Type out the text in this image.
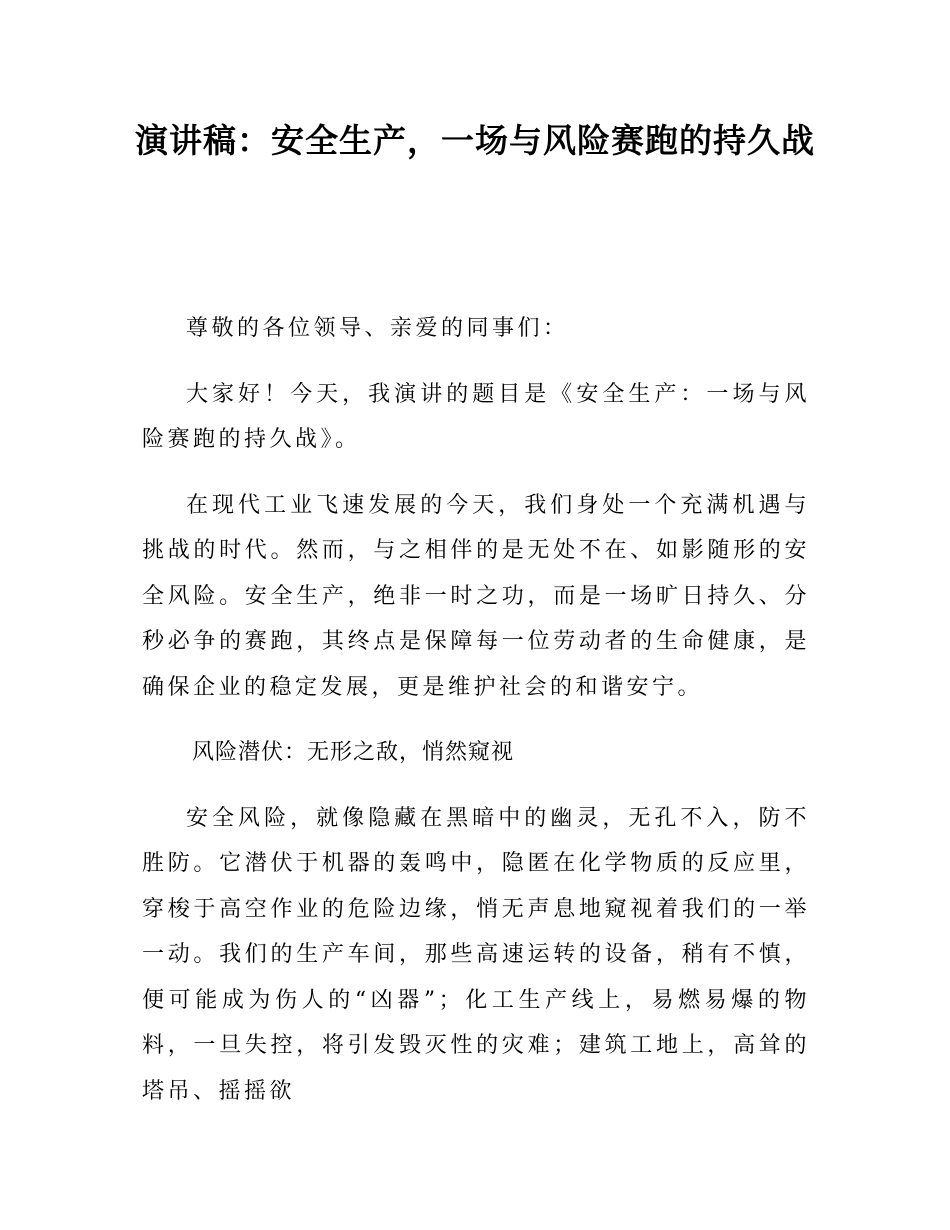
演讲稿：安全生产，一场与风险赛跑的持久战

尊敬的各位领导、亲爱的同事们：

大家好！今天，我演讲的题目是《安全生产：一场与风险赛跑的持久战》。

在现代工业飞速发展的今天，我们身处一个充满机遇与挑战的时代。然而，与之相伴的是无处不在、如影随形的安全风险。安全生产，绝非一时之功，而是一场旷日持久、分秒必争的赛跑，其终点是保障每一位劳动者的生命健康，是确保企业的稳定发展，更是维护社会的和谐安宁。

风险潜伏：无形之敌，悄然窥视

安全风险，就像隐藏在黑暗中的幽灵，无孔不入，防不胜防。它潜伏于机器的轰鸣中，隐匿在化学物质的反应里，穿梭于高空作业的危险边缘，悄无声息地窥视着我们的一举一动。我们的生产车间，那些高速运转的设备，稍有不慎，便可能成为伤人的“凶器”；化工生产线上，易燃易爆的物料，一旦失控，将引发毁灭性的灾难；建筑工地上，高耸的塔吊、摇摇欲
